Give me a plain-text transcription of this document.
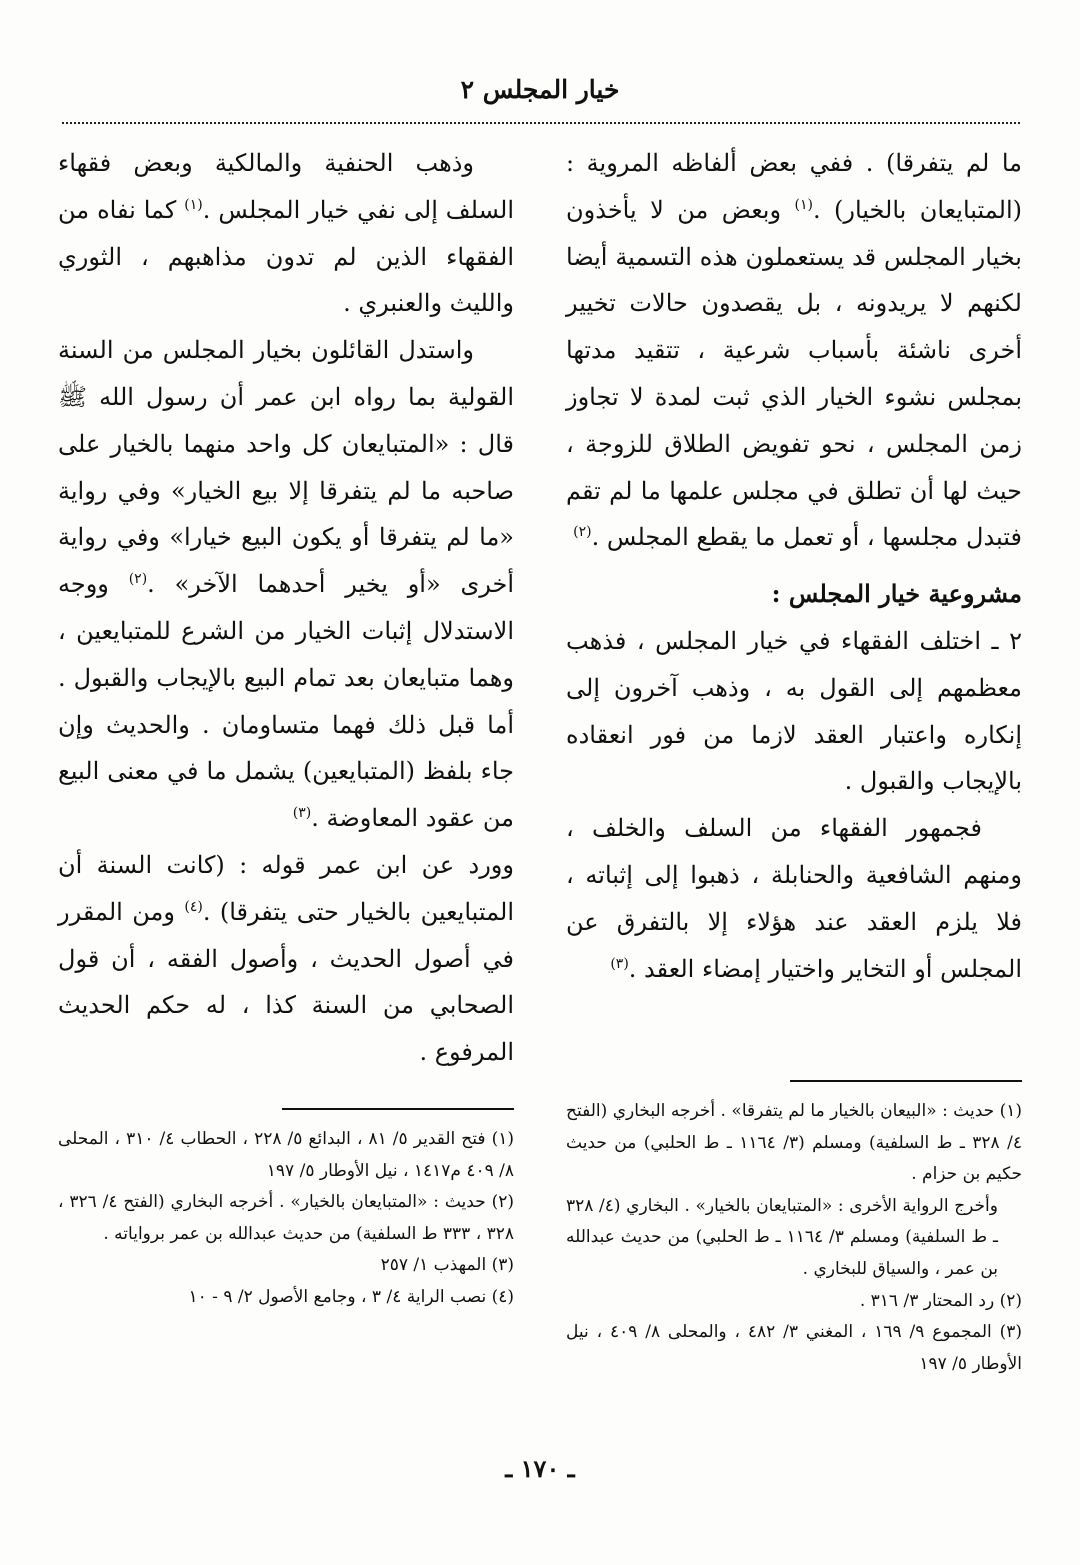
خيار المجلس ٢

ما لم يتفرقا) . ففي بعض ألفاظه المروية : (المتبايعان بالخيار) .$^{(١)}$ وبعض من لا يأخذون بخيار المجلس قد يستعملون هذه التسمية أيضا لكنهم لا يريدونه ، بل يقصدون حالات تخيير أخرى ناشئة بأسباب شرعية ، تتقيد مدتها بمجلس نشوء الخيار الذي ثبت لمدة لا تجاوز زمن المجلس ، نحو تفويض الطلاق للزوجة ، حيث لها أن تطلق في مجلس علمها ما لم تقم فتبدل مجلسها ، أو تعمل ما يقطع المجلس .$^{(٢)}$

مشروعية خيار المجلس :

٢ ـ اختلف الفقهاء في خيار المجلس ، فذهب معظمهم إلى القول به ، وذهب آخرون إلى إنكاره واعتبار العقد لازما من فور انعقاده بالإيجاب والقبول .

فجمهور الفقهاء من السلف والخلف ، ومنهم الشافعية والحنابلة ، ذهبوا إلى إثباته ، فلا يلزم العقد عند هؤلاء إلا بالتفرق عن المجلس أو التخاير واختيار إمضاء العقد .$^{(٣)}$

وذهب الحنفية والمالكية وبعض فقهاء السلف إلى نفي خيار المجلس .$^{(١)}$ كما نفاه من الفقهاء الذين لم تدون مذاهبهم ، الثوري والليث والعنبري .

واستدل القائلون بخيار المجلس من السنة القولية بما رواه ابن عمر أن رسول الله ﷺ قال : «المتبايعان كل واحد منهما بالخيار على صاحبه ما لم يتفرقا إلا بيع الخيار» وفي رواية «ما لم يتفرقا أو يكون البيع خيارا» وفي رواية أخرى «أو يخير أحدهما الآخر» .$^{(٢)}$ ووجه الاستدلال إثبات الخيار من الشرع للمتبايعين ، وهما متبايعان بعد تمام البيع بالإيجاب والقبول . أما قبل ذلك فهما متساومان . والحديث وإن جاء بلفظ (المتبايعين) يشمل ما في معنى البيع من عقود المعاوضة .$^{(٣)}$

وورد عن ابن عمر قوله : (كانت السنة أن المتبايعين بالخيار حتى يتفرقا) .$^{(٤)}$ ومن المقرر في أصول الحديث ، وأصول الفقه ، أن قول الصحابي من السنة كذا ، له حكم الحديث المرفوع .

(١) حديث : «البيعان بالخيار ما لم يتفرقا» . أخرجه البخاري (الفتح ٤/ ٣٢٨ ـ ط السلفية) ومسلم (٣/ ١١٦٤ ـ ط الحلبي) من حديث حكيم بن حزام .

وأخرج الرواية الأخرى : «المتبايعان بالخيار» . البخاري (٤/ ٣٢٨ ـ ط السلفية) ومسلم ٣/ ١١٦٤ ـ ط الحلبي) من حديث عبدالله بن عمر ، والسياق للبخاري .

(٢) رد المحتار ٣/ ٣١٦ .

(٣) المجموع ٩/ ١٦٩ ، المغني ٣/ ٤٨٢ ، والمحلى ٨/ ٤٠٩ ، نيل الأوطار ٥/ ١٩٧

(١) فتح القدير ٥/ ٨١ ، البدائع ٥/ ٢٢٨ ، الحطاب ٤/ ٣١٠ ، المحلى ٨/ ٤٠٩ م١٤١٧ ، نيل الأوطار ٥/ ١٩٧

(٢) حديث : «المتبايعان بالخيار» . أخرجه البخاري (الفتح ٤/ ٣٢٦ ، ٣٢٨ ، ٣٣٣ ط السلفية) من حديث عبدالله بن عمر برواياته .

(٣) المهذب ١/ ٢٥٧

(٤) نصب الراية ٤/ ٣ ، وجامع الأصول ٢/ ٩ - ١٠

ـ ١٧٠ ـ
